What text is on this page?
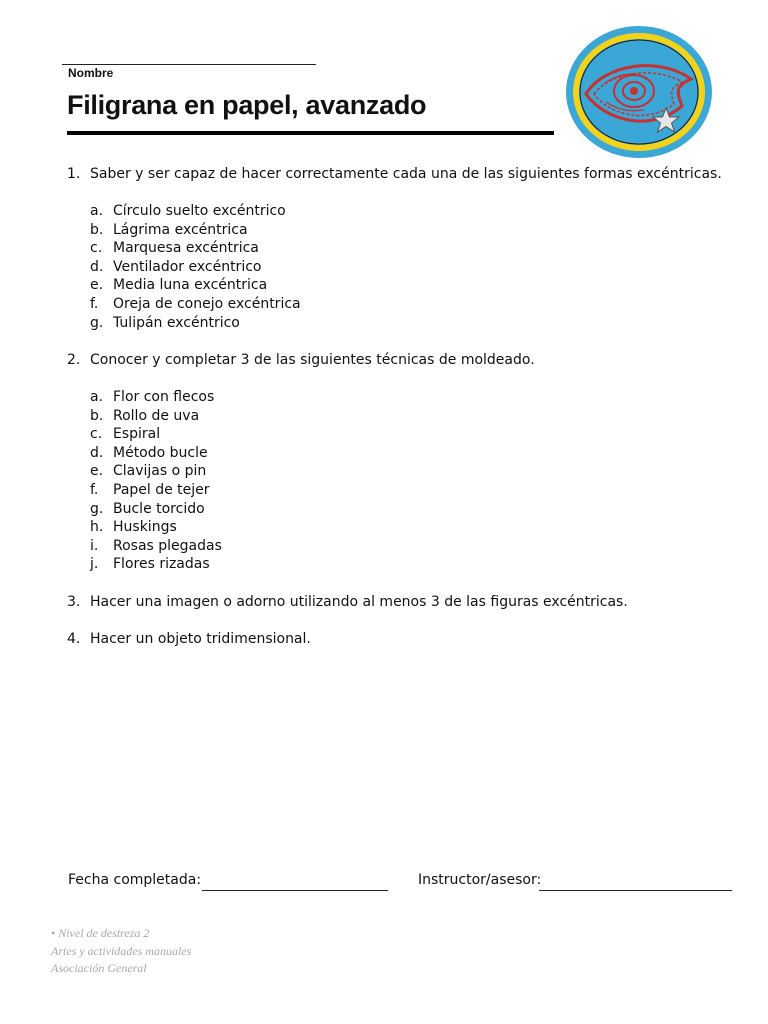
Nombre
Filigrana en papel, avanzado
1. Saber y ser capaz de hacer correctamente cada una de las siguientes formas excéntricas.
a. Círculo suelto excéntrico
b. Lágrima excéntrica
c. Marquesa excéntrica
d. Ventilador excéntrico
e. Media luna excéntrica
f. Oreja de conejo excéntrica
g. Tulipán excéntrico
2. Conocer y completar 3 de las siguientes técnicas de moldeado.
a. Flor con flecos
b. Rollo de uva
c. Espiral
d. Método bucle
e. Clavijas o pin
f. Papel de tejer
g. Bucle torcido
h. Huskings
i. Rosas plegadas
j. Flores rizadas
3. Hacer una imagen o adorno utilizando al menos 3 de las figuras excéntricas.
4. Hacer un objeto tridimensional.
Fecha completada:	Instructor/asesor:
• Nivel de destreza 2
Artes y actividades manuales
Asociación General
